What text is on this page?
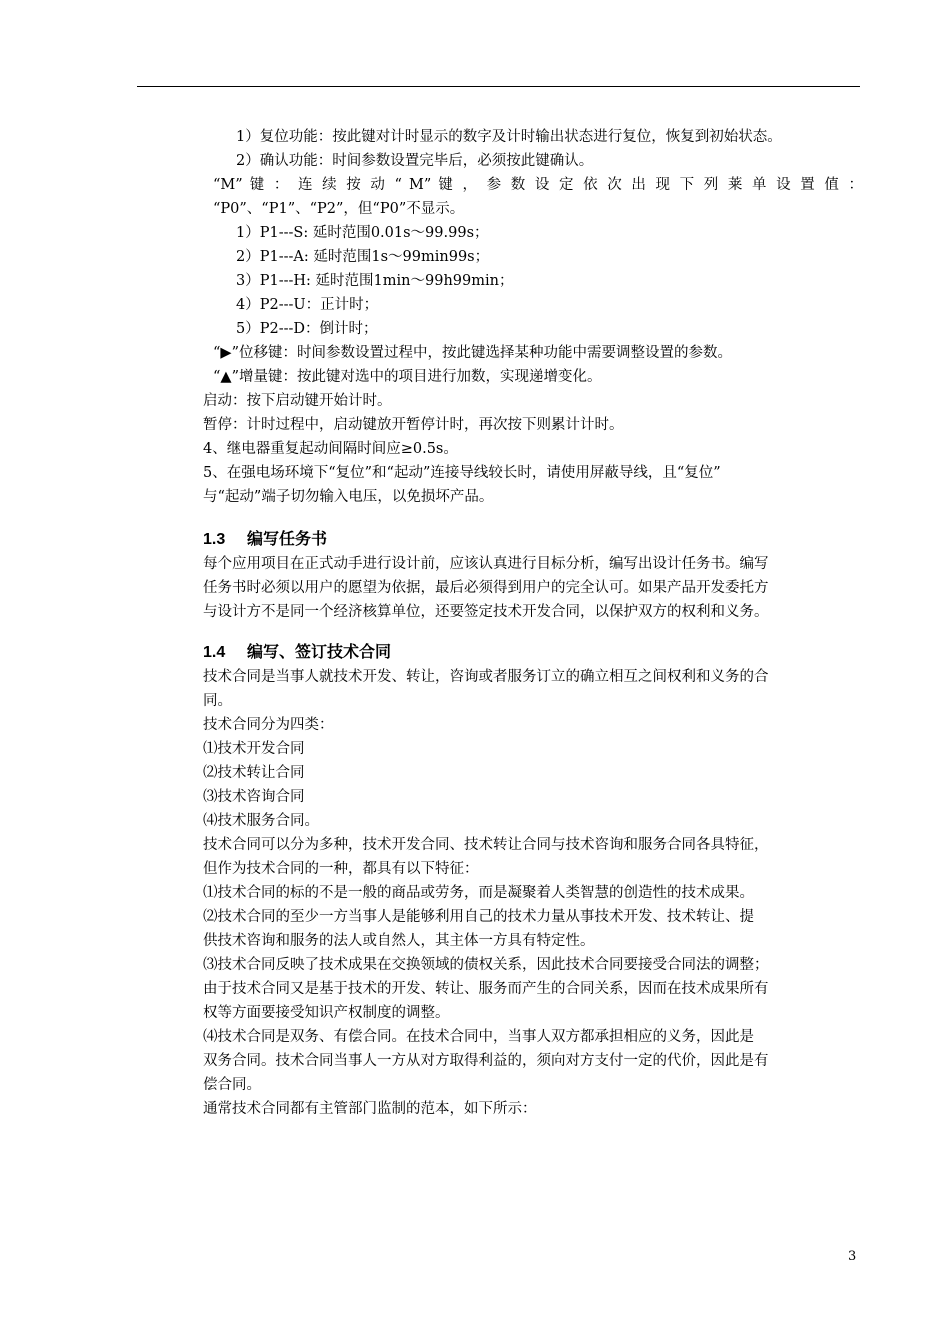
1）复位功能：按此键对计时显示的数字及计时输出状态进行复位，恢复到初始状态。
2）确认功能：时间参数设置完毕后，必须按此键确认。
“M” 键 ： 连 续 按 动 “ M” 键 ， 参 数 设 定 依 次 出 现 下 列 莱 单 设 置 值 ：
“P0”、“P1”、“P2”，但“P0”不显示。
1）P1---S: 延时范围0.01s～99.99s；
2）P1---A: 延时范围1s～99min99s；
3）P1---H: 延时范围1min～99h99min；
4）P2---U：正计时；
5）P2---D：倒计时；
“▶”位移键：时间参数设置过程中，按此键选择某种功能中需要调整设置的参数。
“▲”增量键：按此键对选中的项目进行加数，实现递增变化。
启动：按下启动键开始计时。
暂停：计时过程中，启动键放开暂停计时，再次按下则累计计时。
4、继电器重复起动间隔时间应≥0.5s。
5、在强电场环境下“复位”和“起动”连接导线较长时，请使用屏蔽导线，且“复位”
与“起动”端子切勿输入电压，以免损坏产品。
1.3 编写任务书
每个应用项目在正式动手进行设计前，应该认真进行目标分析，编写出设计任务书。编写
任务书时必须以用户的愿望为依据，最后必须得到用户的完全认可。如果产品开发委托方
与设计方不是同一个经济核算单位，还要签定技术开发合同，以保护双方的权利和义务。
1.4 编写、签订技术合同
技术合同是当事人就技术开发、转让，咨询或者服务订立的确立相互之间权利和义务的合
同。
技术合同分为四类：
⑴技术开发合同
⑵技术转让合同
⑶技术咨询合同
⑷技术服务合同。
技术合同可以分为多种，技术开发合同、技术转让合同与技术咨询和服务合同各具特征，
但作为技术合同的一种，都具有以下特征：
⑴技术合同的标的不是一般的商品或劳务，而是凝聚着人类智慧的创造性的技术成果。
⑵技术合同的至少一方当事人是能够利用自己的技术力量从事技术开发、技术转让、提
供技术咨询和服务的法人或自然人，其主体一方具有特定性。
⑶技术合同反映了技术成果在交换领域的债权关系，因此技术合同要接受合同法的调整；
由于技术合同又是基于技术的开发、转让、服务而产生的合同关系，因而在技术成果所有
权等方面要接受知识产权制度的调整。
⑷技术合同是双务、有偿合同。在技术合同中，当事人双方都承担相应的义务，因此是
双务合同。技术合同当事人一方从对方取得利益的，须向对方支付一定的代价，因此是有
偿合同。
通常技术合同都有主管部门监制的范本，如下所示：
3
